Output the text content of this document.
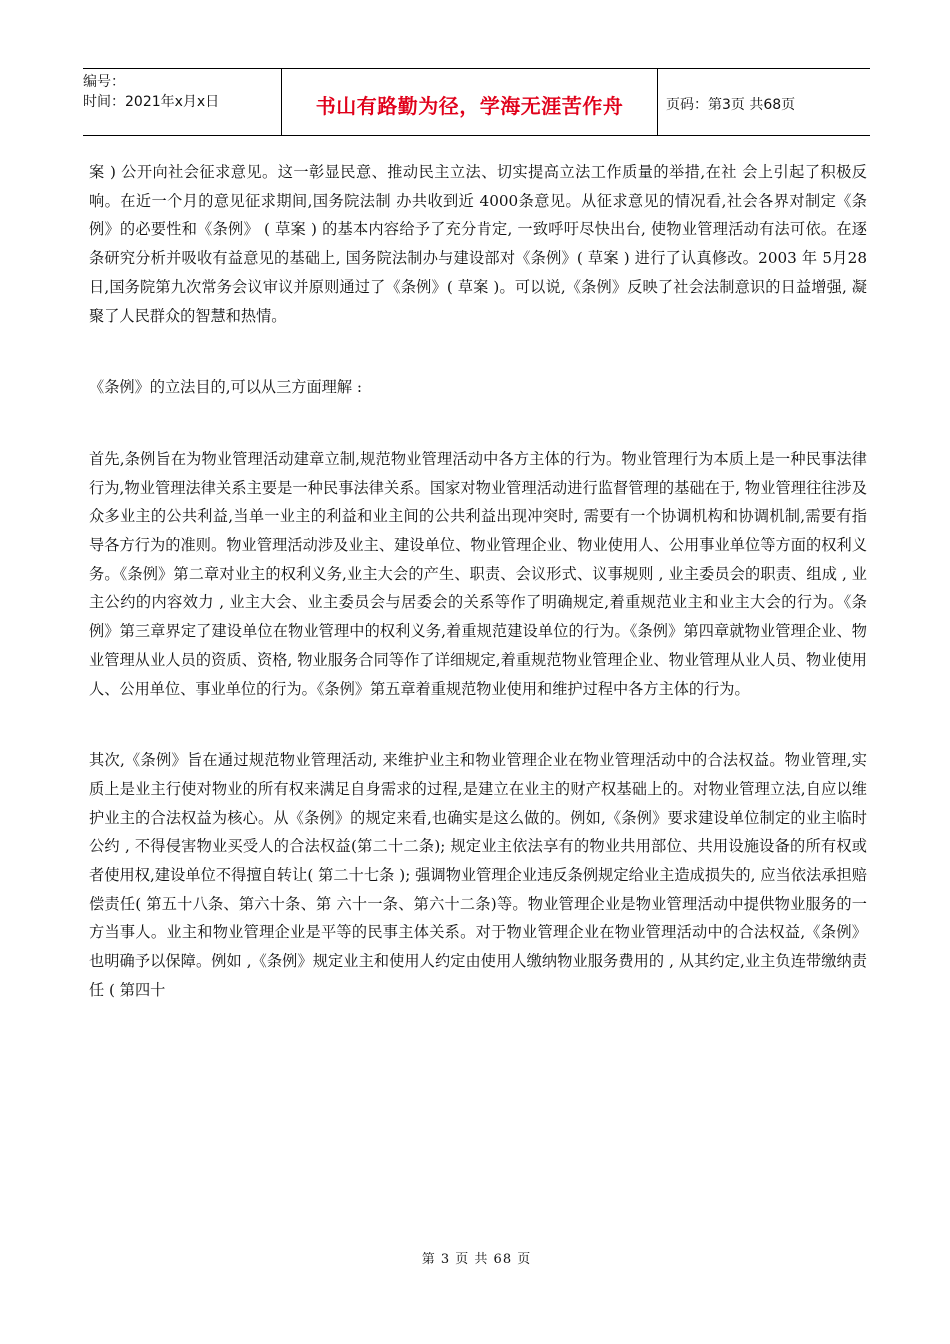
编号：
时间：2021年x月x日	书山有路勤为径，学海无涯苦作舟	页码：第3页 共68页

案 ) 公开向社会征求意见。这一彰显民意、推动民主立法、切实提高立法工作质量的举措,在社 会上引起了积极反响。在近一个月的意见征求期间,国务院法制 办共收到近 4000条意见。从征求意见的情况看,社会各界对制定《条例》的必要性和《条例》 ( 草案 ) 的基本内容给予了充分肯定, 一致呼吁尽快出台, 使物业管理活动有法可依。在逐条研究分析并吸收有益意见的基础上, 国务院法制办与建设部对《条例》( 草案 ) 进行了认真修改。2003 年 5月28日,国务院第九次常务会议审议并原则通过了《条例》( 草案 )。可以说,《条例》反映了社会法制意识的日益增强, 凝聚了人民群众的智慧和热情。

《条例》的立法目的,可以从三方面理解 :

首先,条例旨在为物业管理活动建章立制,规范物业管理活动中各方主体的行为。物业管理行为本质上是一种民事法律行为,物业管理法律关系主要是一种民事法律关系。国家对物业管理活动进行监督管理的基础在于, 物业管理往往涉及众多业主的公共利益,当单一业主的利益和业主间的公共利益出现冲突时, 需要有一个协调机构和协调机制,需要有指导各方行为的准则。物业管理活动涉及业主、建设单位、物业管理企业、物业使用人、公用事业单位等方面的权利义务。《条例》第二章对业主的权利义务,业主大会的产生、职责、会议形式、议事规则 , 业主委员会的职责、组成 , 业主公约的内容效力 , 业主大会、业主委员会与居委会的关系等作了明确规定,着重规范业主和业主大会的行为。《条例》第三章界定了建设单位在物业管理中的权利义务,着重规范建设单位的行为。《条例》第四章就物业管理企业、物业管理从业人员的资质、资格, 物业服务合同等作了详细规定,着重规范物业管理企业、物业管理从业人员、物业使用人、公用单位、事业单位的行为。《条例》第五章着重规范物业使用和维护过程中各方主体的行为。

其次,《条例》旨在通过规范物业管理活动, 来维护业主和物业管理企业在物业管理活动中的合法权益。物业管理,实质上是业主行使对物业的所有权来满足自身需求的过程,是建立在业主的财产权基础上的。对物业管理立法,自应以维护业主的合法权益为核心。从《条例》的规定来看,也确实是这么做的。例如,《条例》要求建设单位制定的业主临时公约 , 不得侵害物业买受人的合法权益(第二十二条); 规定业主依法享有的物业共用部位、共用设施设备的所有权或者使用权,建设单位不得擅自转让( 第二十七条 ); 强调物业管理企业违反条例规定给业主造成损失的, 应当依法承担赔偿责任( 第五十八条、第六十条、第 六十一条、第六十二条)等。物业管理企业是物业管理活动中提供物业服务的一方当事人。业主和物业管理企业是平等的民事主体关系。对于物业管理企业在物业管理活动中的合法权益,《条例》也明确予以保障。例如 ,《条例》规定业主和使用人约定由使用人缴纳物业服务费用的 , 从其约定,业主负连带缴纳责任 ( 第四十

第 3 页 共 68 页
